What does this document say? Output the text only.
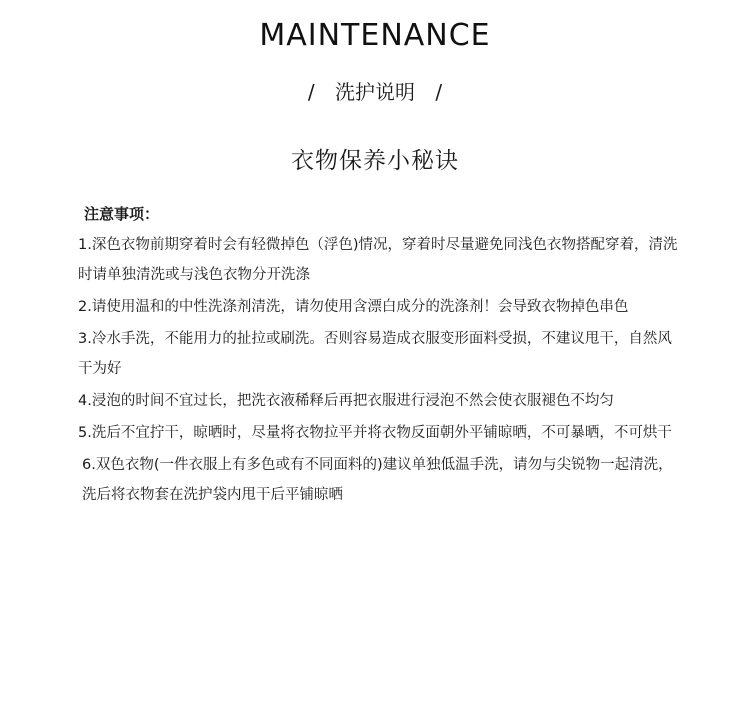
MAINTENANCE
/ 洗护说明 /
衣物保养小秘诀
注意事项：
1.深色衣物前期穿着时会有轻微掉色（浮色)情况，穿着时尽量避免同浅色衣物搭配穿着，清洗时请单独清洗或与浅色衣物分开洗涤
2.请使用温和的中性洗涤剂清洗，请勿使用含漂白成分的洗涤剂！会导致衣物掉色串色
3.冷水手洗，不能用力的扯拉或刷洗。否则容易造成衣服变形面料受损，不建议甩干，自然风干为好
4.浸泡的时间不宜过长，把洗衣液稀释后再把衣服进行浸泡不然会使衣服褪色不均匀
5.洗后不宜拧干，晾晒时，尽量将衣物拉平并将衣物反面朝外平铺晾晒，不可暴晒，不可烘干
6.双色衣物(一件衣服上有多色或有不同面料的)建议单独低温手洗，请勿与尖锐物一起清洗，洗后将衣物套在洗护袋内甩干后平铺晾晒
